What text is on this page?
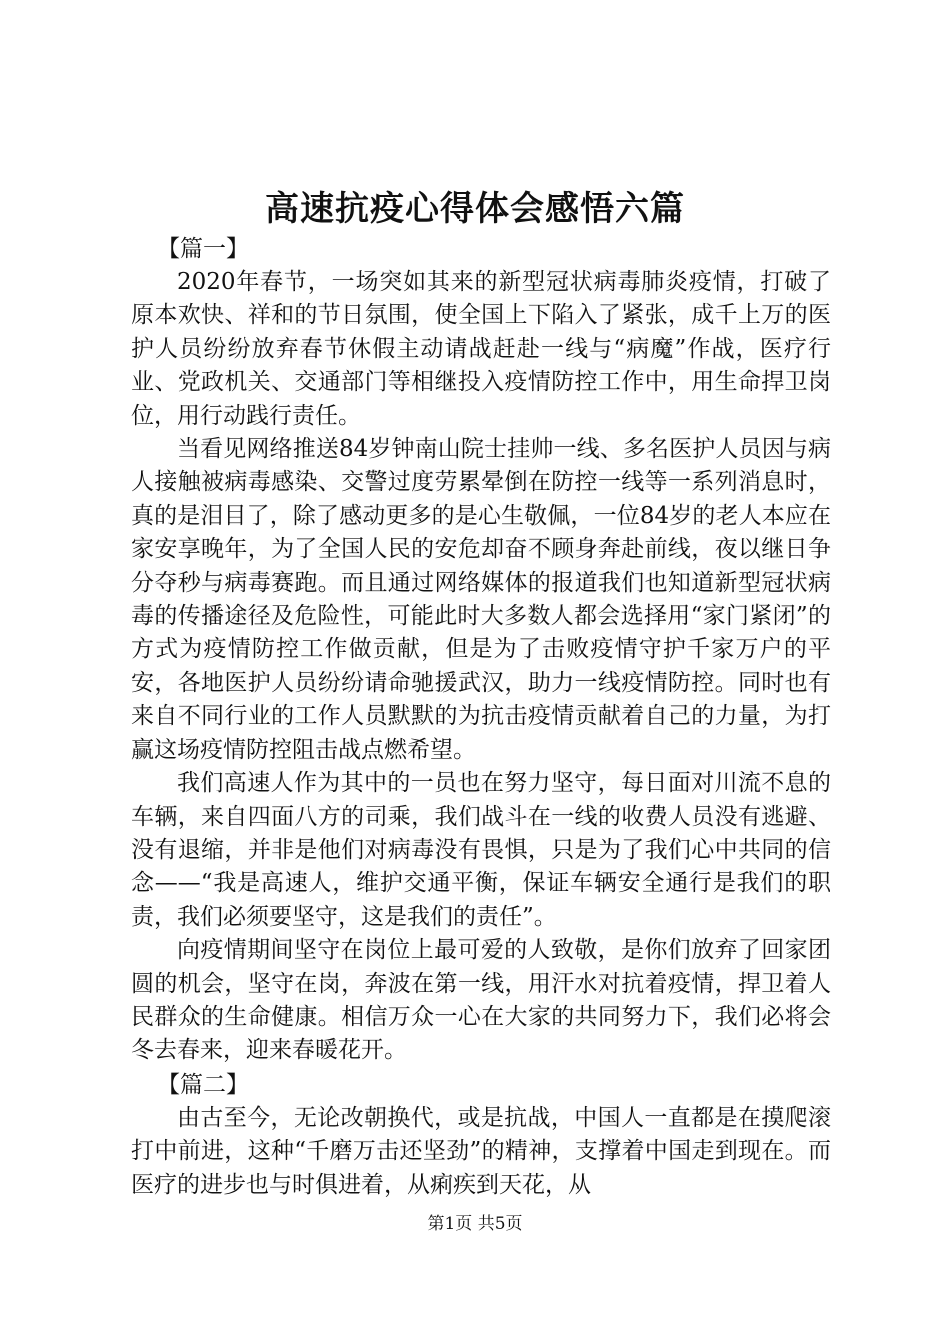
高速抗疫心得体会感悟六篇

【篇一】

2020年春节，一场突如其来的新型冠状病毒肺炎疫情，打破了原本欢快、祥和的节日氛围，使全国上下陷入了紧张，成千上万的医护人员纷纷放弃春节休假主动请战赶赴一线与“病魔”作战，医疗行业、党政机关、交通部门等相继投入疫情防控工作中，用生命捍卫岗位，用行动践行责任。

当看见网络推送84岁钟南山院士挂帅一线、多名医护人员因与病人接触被病毒感染、交警过度劳累晕倒在防控一线等一系列消息时，真的是泪目了，除了感动更多的是心生敬佩，一位84岁的老人本应在家安享晚年，为了全国人民的安危却奋不顾身奔赴前线，夜以继日争分夺秒与病毒赛跑。而且通过网络媒体的报道我们也知道新型冠状病毒的传播途径及危险性，可能此时大多数人都会选择用“家门紧闭”的方式为疫情防控工作做贡献，但是为了击败疫情守护千家万户的平安，各地医护人员纷纷请命驰援武汉，助力一线疫情防控。同时也有来自不同行业的工作人员默默的为抗击疫情贡献着自己的力量，为打赢这场疫情防控阻击战点燃希望。

我们高速人作为其中的一员也在努力坚守，每日面对川流不息的车辆，来自四面八方的司乘，我们战斗在一线的收费人员没有逃避、没有退缩，并非是他们对病毒没有畏惧，只是为了我们心中共同的信念——“我是高速人，维护交通平衡，保证车辆安全通行是我们的职责，我们必须要坚守，这是我们的责任”。

向疫情期间坚守在岗位上最可爱的人致敬，是你们放弃了回家团圆的机会，坚守在岗，奔波在第一线，用汗水对抗着疫情，捍卫着人民群众的生命健康。相信万众一心在大家的共同努力下，我们必将会冬去春来，迎来春暖花开。

【篇二】

由古至今，无论改朝换代，或是抗战，中国人一直都是在摸爬滚打中前进，这种“千磨万击还坚劲”的精神，支撑着中国走到现在。而医疗的进步也与时俱进着，从痢疾到天花，从

第1页 共5页
